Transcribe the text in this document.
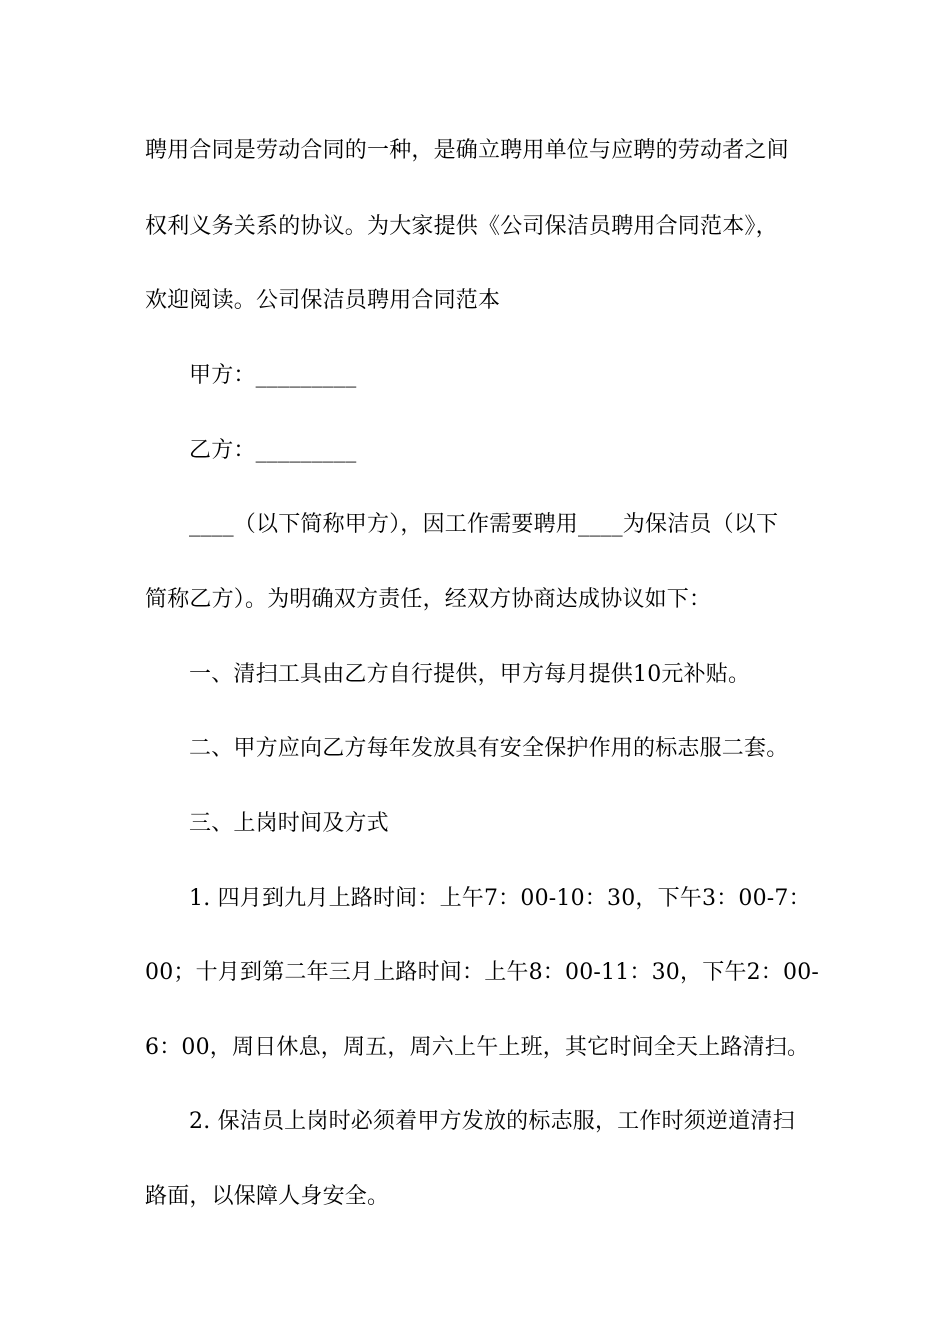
聘用合同是劳动合同的一种，是确立聘用单位与应聘的劳动者之间
权利义务关系的协议。为大家提供《公司保洁员聘用合同范本》，
欢迎阅读。公司保洁员聘用合同范本
甲方：_________
乙方：_________
____（以下简称甲方），因工作需要聘用____为保洁员（以下
简称乙方）。为明确双方责任，经双方协商达成协议如下：
一、清扫工具由乙方自行提供，甲方每月提供10元补贴。
二、甲方应向乙方每年发放具有安全保护作用的标志服二套。
三、上岗时间及方式
1. 四月到九月上路时间：上午7：00-10：30，下午3：00-7：
00；十月到第二年三月上路时间：上午8：00-11：30，下午2：00-
6：00，周日休息，周五，周六上午上班，其它时间全天上路清扫。
2. 保洁员上岗时必须着甲方发放的标志服，工作时须逆道清扫
路面，以保障人身安全。
